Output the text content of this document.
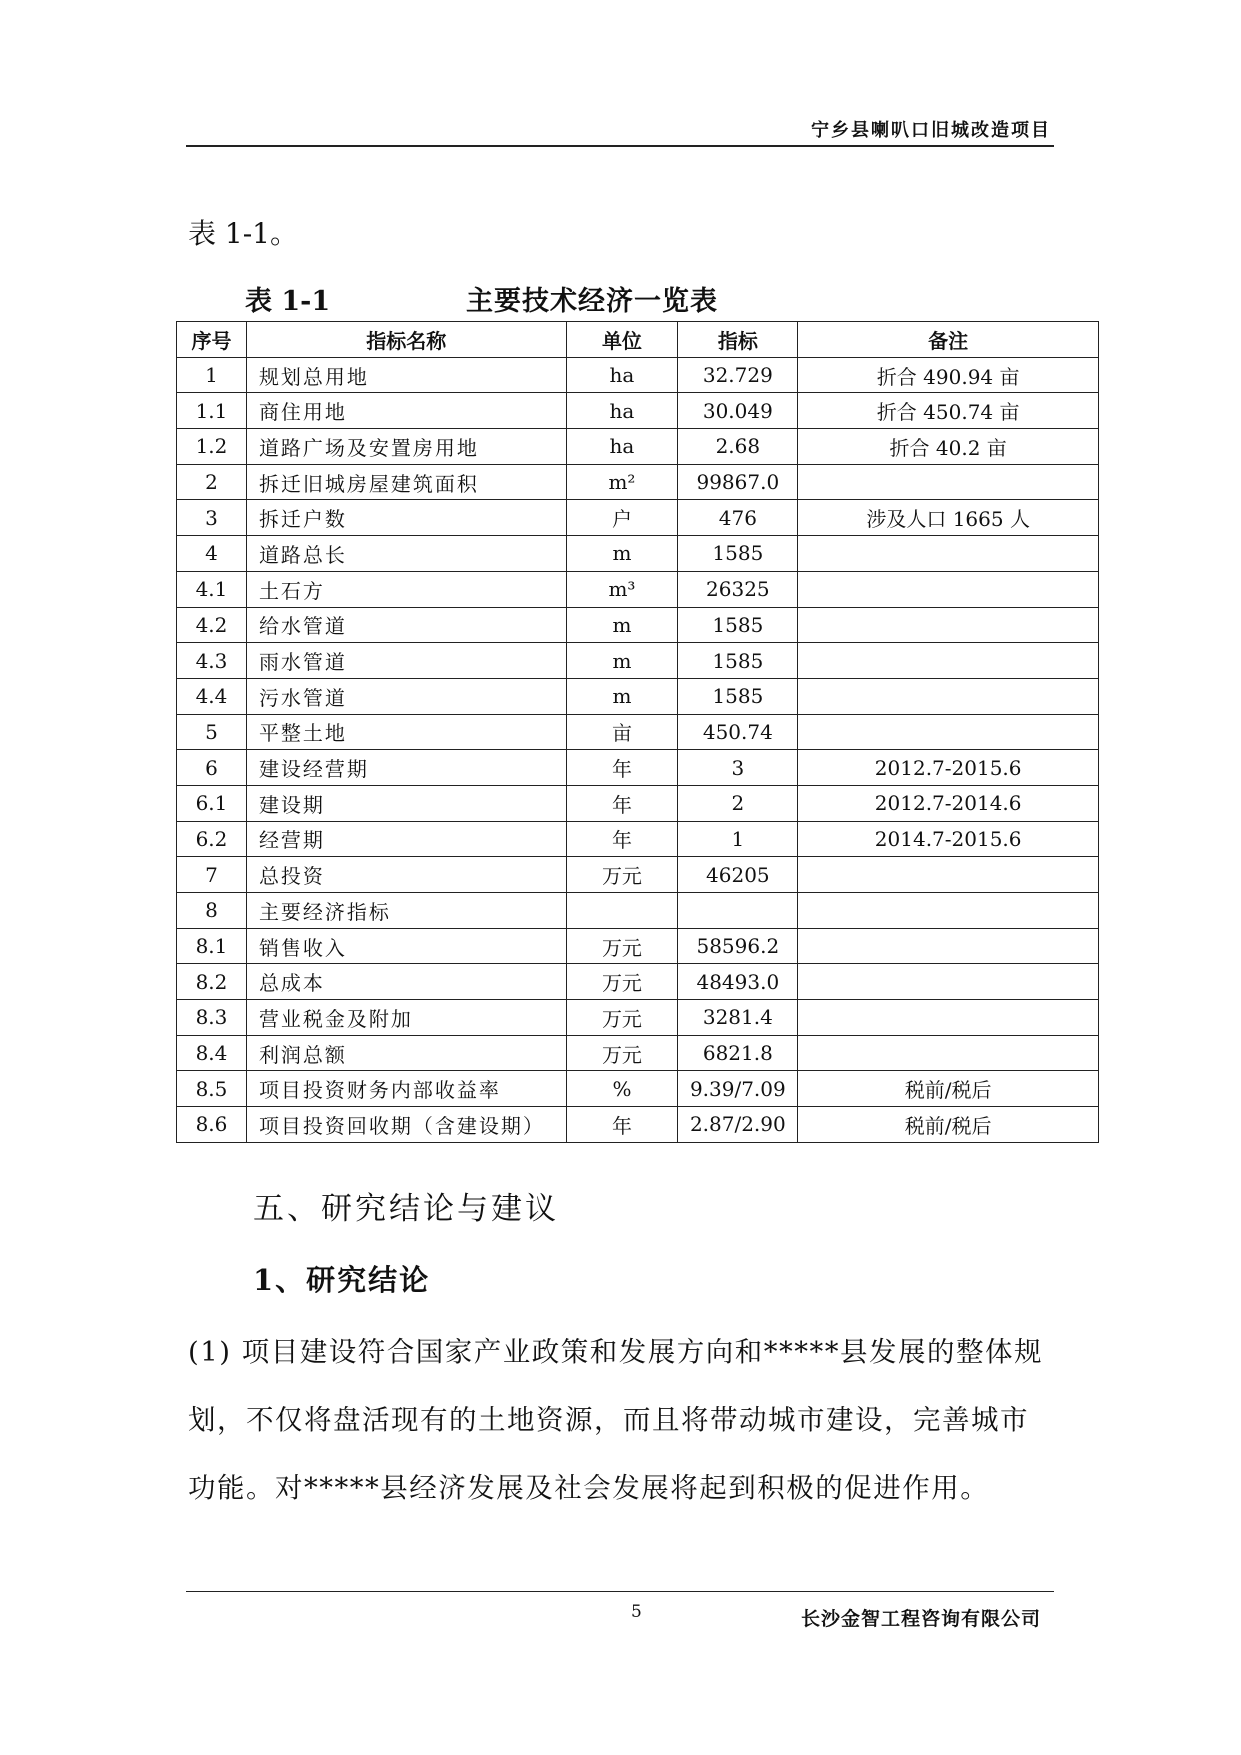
宁乡县喇叭口旧城改造项目
表 1-1。
表 1-1	主要技术经济一览表
序号	指标名称	单位	指标	备注
1	规划总用地	ha	32.729	折合 490.94 亩
1.1	商住用地	ha	30.049	折合 450.74 亩
1.2	道路广场及安置房用地	ha	2.68	折合 40.2 亩
2	拆迁旧城房屋建筑面积	m²	99867.0	
3	拆迁户数	户	476	涉及人口 1665 人
4	道路总长	m	1585	
4.1	土石方	m³	26325	
4.2	给水管道	m	1585	
4.3	雨水管道	m	1585	
4.4	污水管道	m	1585	
5	平整土地	亩	450.74	
6	建设经营期	年	3	2012.7-2015.6
6.1	建设期	年	2	2012.7-2014.6
6.2	经营期	年	1	2014.7-2015.6
7	总投资	万元	46205	
8	主要经济指标			
8.1	销售收入	万元	58596.2	
8.2	总成本	万元	48493.0	
8.3	营业税金及附加	万元	3281.4	
8.4	利润总额	万元	6821.8	
8.5	项目投资财务内部收益率	%	9.39/7.09	税前/税后
8.6	项目投资回收期（含建设期）	年	2.87/2.90	税前/税后
五、研究结论与建议
1、研究结论

(1) 项目建设符合国家产业政策和发展方向和*****县发展的整体规划，不仅将盘活现有的土地资源，而且将带动城市建设，完善城市功能。对*****县经济发展及社会发展将起到积极的促进作用。

5	长沙金智工程咨询有限公司
